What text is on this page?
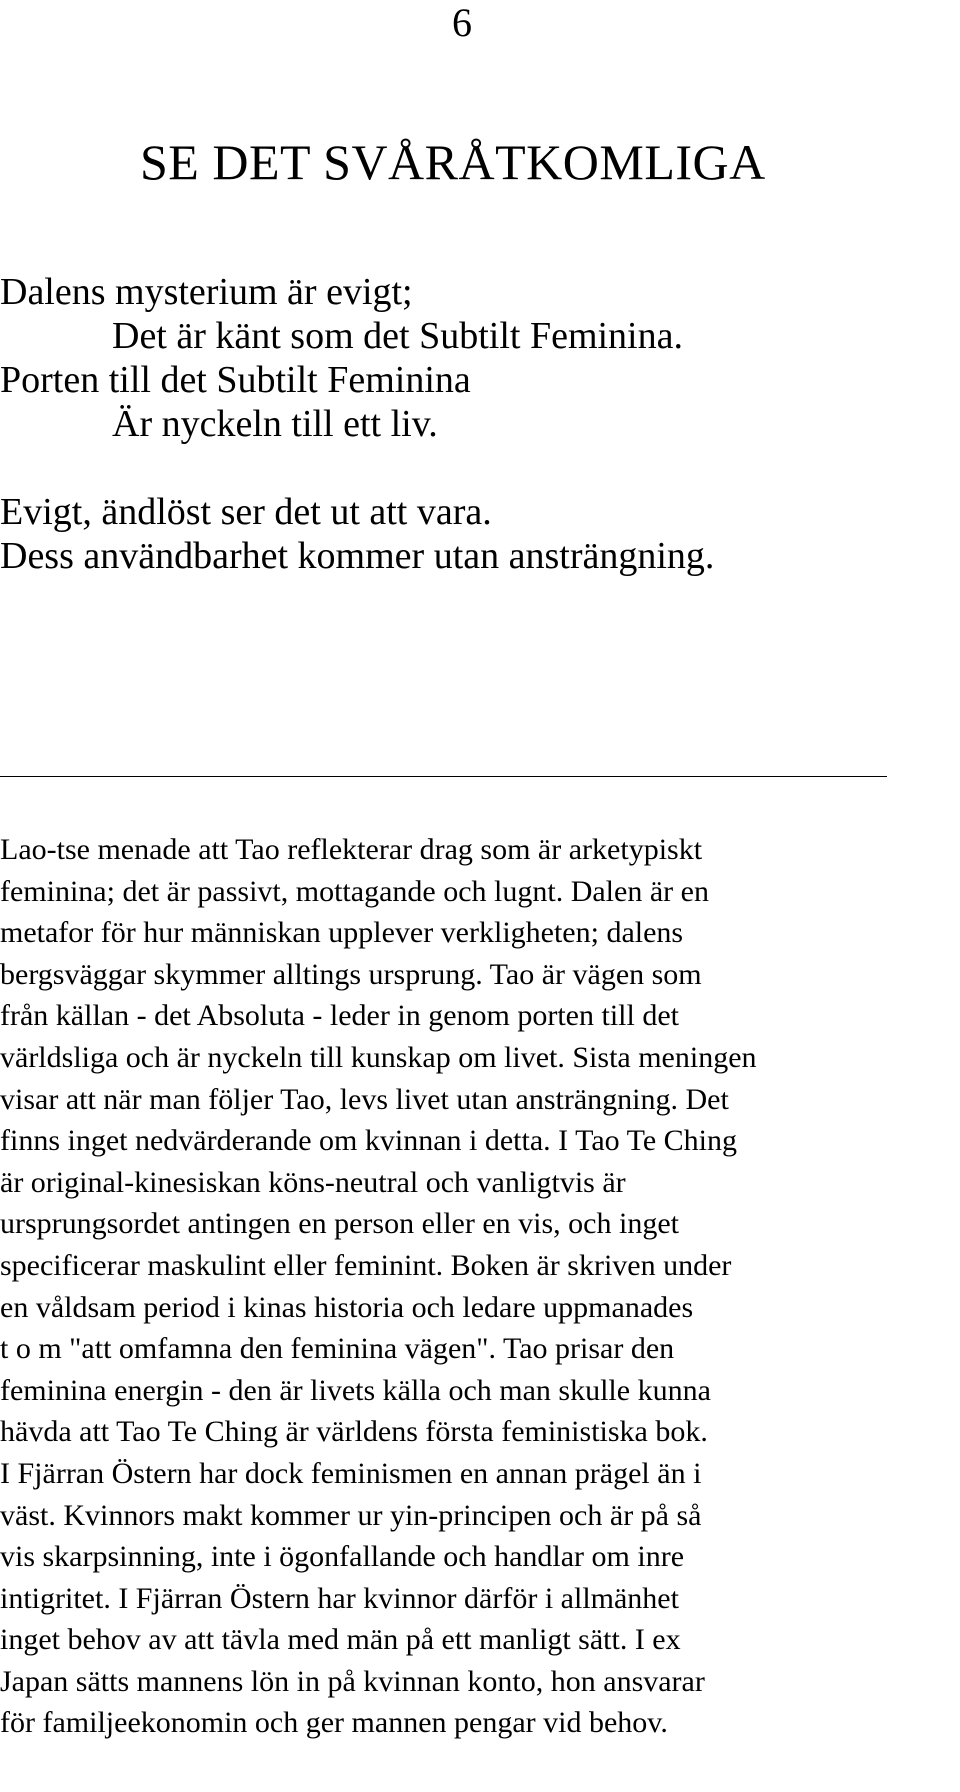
6
SE DET SVÅRÅTKOMLIGA
Dalens mysterium är evigt;
Det är känt som det Subtilt Feminina.
Porten till det Subtilt Feminina
Är nyckeln till ett liv.
Evigt, ändlöst ser det ut att vara.
Dess användbarhet kommer utan ansträngning.
Lao-tse menade att Tao reflekterar drag som är arketypiskt
feminina; det är passivt, mottagande och lugnt. Dalen är en
metafor för hur människan upplever verkligheten; dalens
bergsväggar skymmer alltings ursprung. Tao är vägen som
från källan - det Absoluta - leder in genom porten till det
världsliga och är nyckeln till kunskap om livet. Sista meningen
visar att när man följer Tao, levs livet utan ansträngning. Det
finns inget nedvärderande om kvinnan i detta. I Tao Te Ching
är original-kinesiskan köns-neutral och vanligtvis är
ursprungsordet antingen en person eller en vis, och inget
specificerar maskulint eller feminint. Boken är skriven under
en våldsam period i kinas historia och ledare uppmanades
t o m "att omfamna den feminina vägen". Tao prisar den
feminina energin - den är livets källa och man skulle kunna
hävda att Tao Te Ching är världens första feministiska bok.
I Fjärran Östern har dock feminismen en annan prägel än i
väst. Kvinnors makt kommer ur yin-principen och är på så
vis skarpsinning, inte i ögonfallande och handlar om inre
intigritet. I Fjärran Östern har kvinnor därför i allmänhet
inget behov av att tävla med män på ett manligt sätt. I ex
Japan sätts mannens lön in på kvinnan konto, hon ansvarar
för familjeekonomin och ger mannen pengar vid behov.
